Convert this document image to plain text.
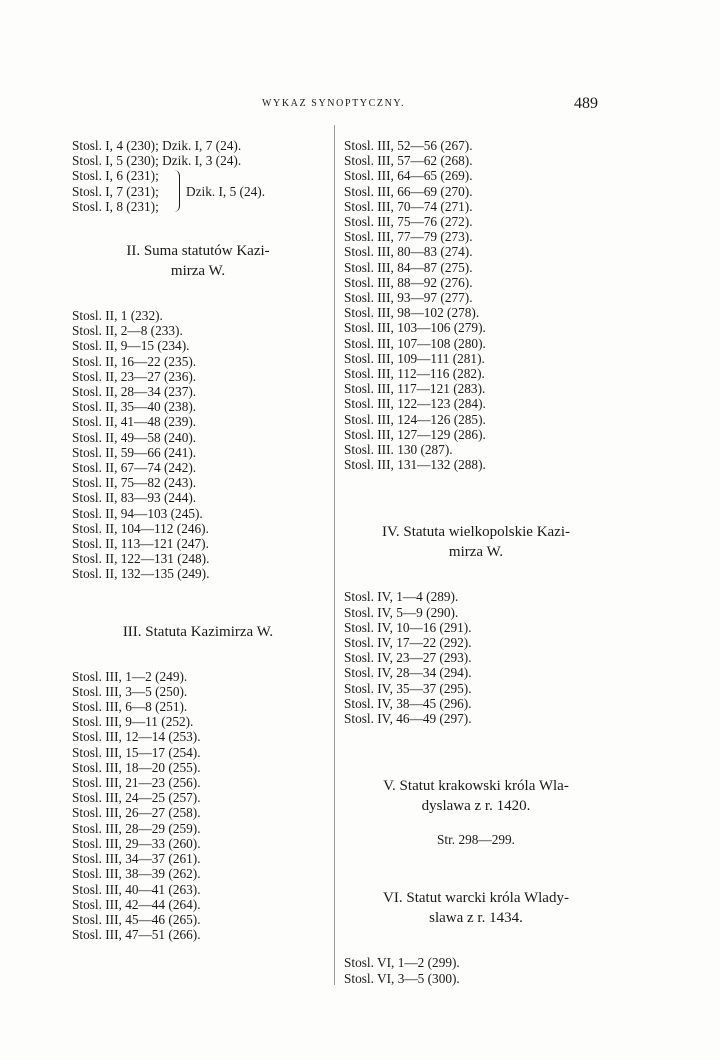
WYKAZ SYNOPTYCZNY.	489
Stosl. I, 4 (230); Dzik. I, 7 (24).
Stosl. I, 5 (230); Dzik. I, 3 (24).
Stosl. I, 6 (231);
Stosl. I, 7 (231);
Stosl. I, 8 (231);
Dzik. I, 5 (24).
II. Suma statutów Kazi-
mirza W.
Stosl. II, 1 (232).
Stosl. II, 2—8 (233).
Stosl. II, 9—15 (234).
Stosl. II, 16—22 (235).
Stosl. II, 23—27 (236).
Stosl. II, 28—34 (237).
Stosl. II, 35—40 (238).
Stosl. II, 41—48 (239).
Stosl. II, 49—58 (240).
Stosl. II, 59—66 (241).
Stosl. II, 67—74 (242).
Stosl. II, 75—82 (243).
Stosl. II, 83—93 (244).
Stosl. II, 94—103 (245).
Stosl. II, 104—112 (246).
Stosl. II, 113—121 (247).
Stosl. II, 122—131 (248).
Stosl. II, 132—135 (249).
III. Statuta Kazimirza W.
Stosl. III, 1—2 (249).
Stosl. III, 3—5 (250).
Stosl. III, 6—8 (251).
Stosl. III, 9—11 (252).
Stosl. III, 12—14 (253).
Stosl. III, 15—17 (254).
Stosl. III, 18—20 (255).
Stosl. III, 21—23 (256).
Stosl. III, 24—25 (257).
Stosl. III, 26—27 (258).
Stosl. III, 28—29 (259).
Stosl. III, 29—33 (260).
Stosl. III, 34—37 (261).
Stosl. III, 38—39 (262).
Stosl. III, 40—41 (263).
Stosl. III, 42—44 (264).
Stosl. III, 45—46 (265).
Stosl. III, 47—51 (266).
Stosl. III, 52—56 (267).
Stosl. III, 57—62 (268).
Stosl. III, 64—65 (269).
Stosl. III, 66—69 (270).
Stosl. III, 70—74 (271).
Stosl. III, 75—76 (272).
Stosl. III, 77—79 (273).
Stosl. III, 80—83 (274).
Stosl. III, 84—87 (275).
Stosl. III, 88—92 (276).
Stosl. III, 93—97 (277).
Stosl. III, 98—102 (278).
Stosl. III, 103—106 (279).
Stosl. III, 107—108 (280).
Stosl. III, 109—111 (281).
Stosl. III, 112—116 (282).
Stosl. III, 117—121 (283).
Stosl. III, 122—123 (284).
Stosl. III, 124—126 (285).
Stosl. III, 127—129 (286).
Stosl. III. 130 (287).
Stosl. III, 131—132 (288).
IV. Statuta wielkopolskie Kazi-
mirza W.
Stosl. IV, 1—4 (289).
Stosl. IV, 5—9 (290).
Stosl. IV, 10—16 (291).
Stosl. IV, 17—22 (292).
Stosl. IV, 23—27 (293).
Stosl. IV, 28—34 (294).
Stosl. IV, 35—37 (295).
Stosl. IV, 38—45 (296).
Stosl. IV, 46—49 (297).
V. Statut krakowski króla Wla-
dyslawa z r. 1420.
Str. 298—299.
VI. Statut warcki króla Wlady-
slawa z r. 1434.
Stosl. VI, 1—2 (299).
Stosl. VI, 3—5 (300).
